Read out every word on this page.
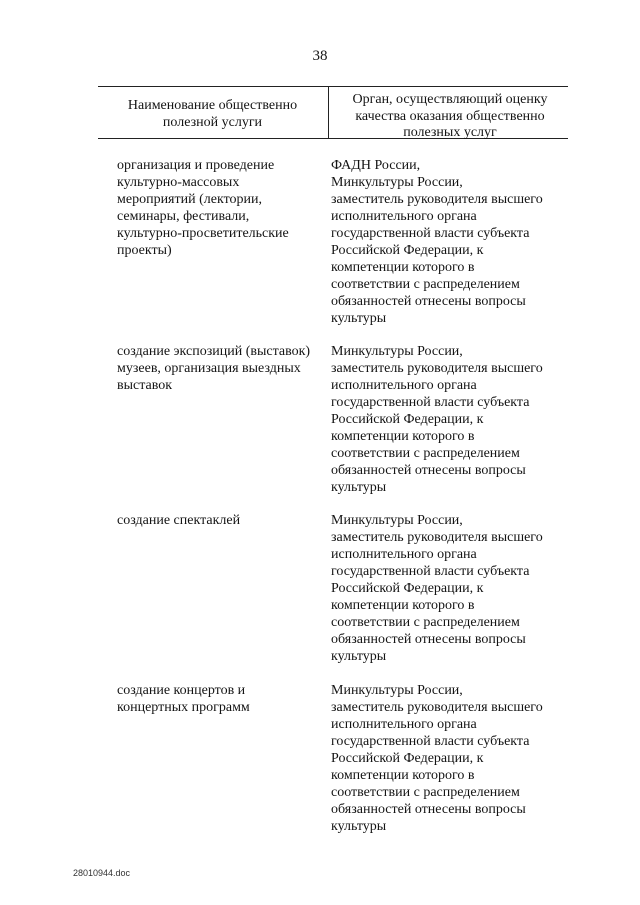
38
Наименование общественно
полезной услуги
Орган, осуществляющий оценку
качества оказания общественно
полезных услуг
организация и проведение
культурно-массовых
мероприятий (лектории,
семинары, фестивали,
культурно-просветительские
проекты)
ФАДН России,
Минкультуры России,
заместитель руководителя высшего
исполнительного органа
государственной власти субъекта
Российской Федерации, к
компетенции которого в
соответствии с распределением
обязанностей отнесены вопросы
культуры
создание экспозиций (выставок)
музеев, организация выездных
выставок
Минкультуры России,
заместитель руководителя высшего
исполнительного органа
государственной власти субъекта
Российской Федерации, к
компетенции которого в
соответствии с распределением
обязанностей отнесены вопросы
культуры
создание спектаклей	Минкультуры России,
заместитель руководителя высшего
исполнительного органа
государственной власти субъекта
Российской Федерации, к
компетенции которого в
соответствии с распределением
обязанностей отнесены вопросы
культуры
создание концертов и
концертных программ
Минкультуры России,
заместитель руководителя высшего
исполнительного органа
государственной власти субъекта
Российской Федерации, к
компетенции которого в
соответствии с распределением
обязанностей отнесены вопросы
культуры
28010944.doc
